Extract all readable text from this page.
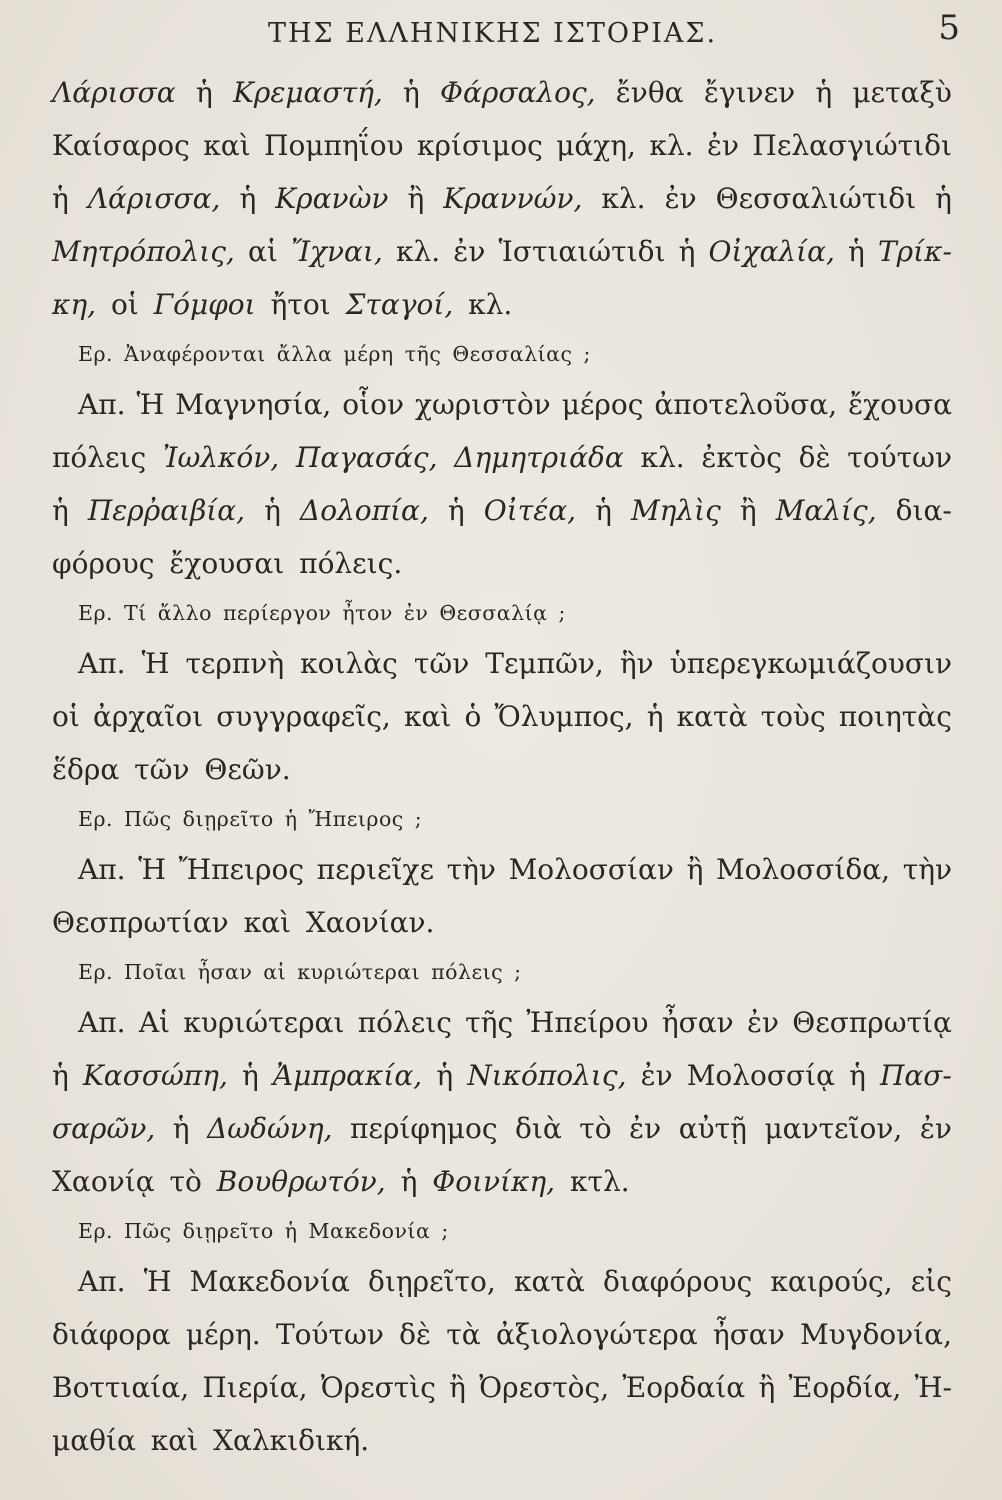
ΤΗΣ ΕΛΛΗΝΙΚΗΣ ΙΣΤΟΡΙΑΣ.	5
Λάρισσα ἡ Κρεμαστή, ἡ Φάρσαλος, ἔνθα ἔγινεν ἡ μεταξὺ
Καίσαρος καὶ Πομπηΐου κρίσιμος μάχη, κλ. ἐν Πελασγιώτιδι
ἡ Λάρισσα, ἡ Κρανὼν ἢ Κραννών, κλ. ἐν Θεσσαλιώτιδι ἡ
Μητρόπολις, αἱ Ἴχναι, κλ. ἐν Ἱστιαιώτιδι ἡ Οἰχαλία, ἡ Τρίκ-
κη,
οἱ
Γόμφοι
ἤτοι
Σταγοί,
κλ.
Ερ. Ἀναφέρονται ἄλλα μέρη τῆς Θεσσαλίας ;
Απ. Ἡ Μαγνησία, οἷον χωριστὸν μέρος ἀποτελοῦσα, ἔχουσα
πόλεις Ἰωλκόν, Παγασάς, Δημητριάδα κλ. ἐκτὸς δὲ τούτων
ἡ Περῤαιβία, ἡ Δολοπία, ἡ Οἰτέα, ἡ Μηλὶς ἢ Μαλίς, δια-
φόρους
ἔχουσαι
πόλεις.
Ερ. Τί ἄλλο περίεργον ἦτον ἐν Θεσσαλίᾳ ;
Απ. Ἡ τερπνὴ κοιλὰς τῶν Τεμπῶν, ἣν ὑπερεγκωμιάζουσιν
οἱ ἀρχαῖοι συγγραφεῖς, καὶ ὁ Ὄλυμπος, ἡ κατὰ τοὺς ποιητὰς
ἕδρα
τῶν
Θεῶν.
Ερ. Πῶς διῃρεῖτο ἡ Ἤπειρος ;
Απ. Ἡ Ἤπειρος περιεῖχε τὴν Μολοσσίαν ἢ Μολοσσίδα, τὴν
Θεσπρωτίαν
καὶ
Χαονίαν.
Ερ. Ποῖαι ἦσαν αἱ κυριώτεραι πόλεις ;
Απ. Αἱ κυριώτεραι πόλεις τῆς Ἠπείρου ἦσαν ἐν Θεσπρωτίᾳ
ἡ Κασσώπη, ἡ Ἀμπρακία, ἡ Νικόπολις, ἐν Μολοσσίᾳ ἡ Πασ-
σαρῶν, ἡ Δωδώνη, περίφημος διὰ τὸ ἐν αὐτῇ μαντεῖον, ἐν
Χαονίᾳ
τὸ
Βουθρωτόν,
ἡ
Φοινίκη,
κτλ.
Ερ. Πῶς διῃρεῖτο ἡ Μακεδονία ;
Απ. Ἡ Μακεδονία διῃρεῖτο, κατὰ διαφόρους καιρούς, εἰς
διάφορα μέρη. Τούτων δὲ τὰ ἀξιολογώτερα ἦσαν Μυγδονία,
Βοττιαία, Πιερία, Ὀρεστὶς ἢ Ὀρεστὸς, Ἐορδαία ἢ Ἐορδία, Ἠ-
μαθία
καὶ
Χαλκιδική.
